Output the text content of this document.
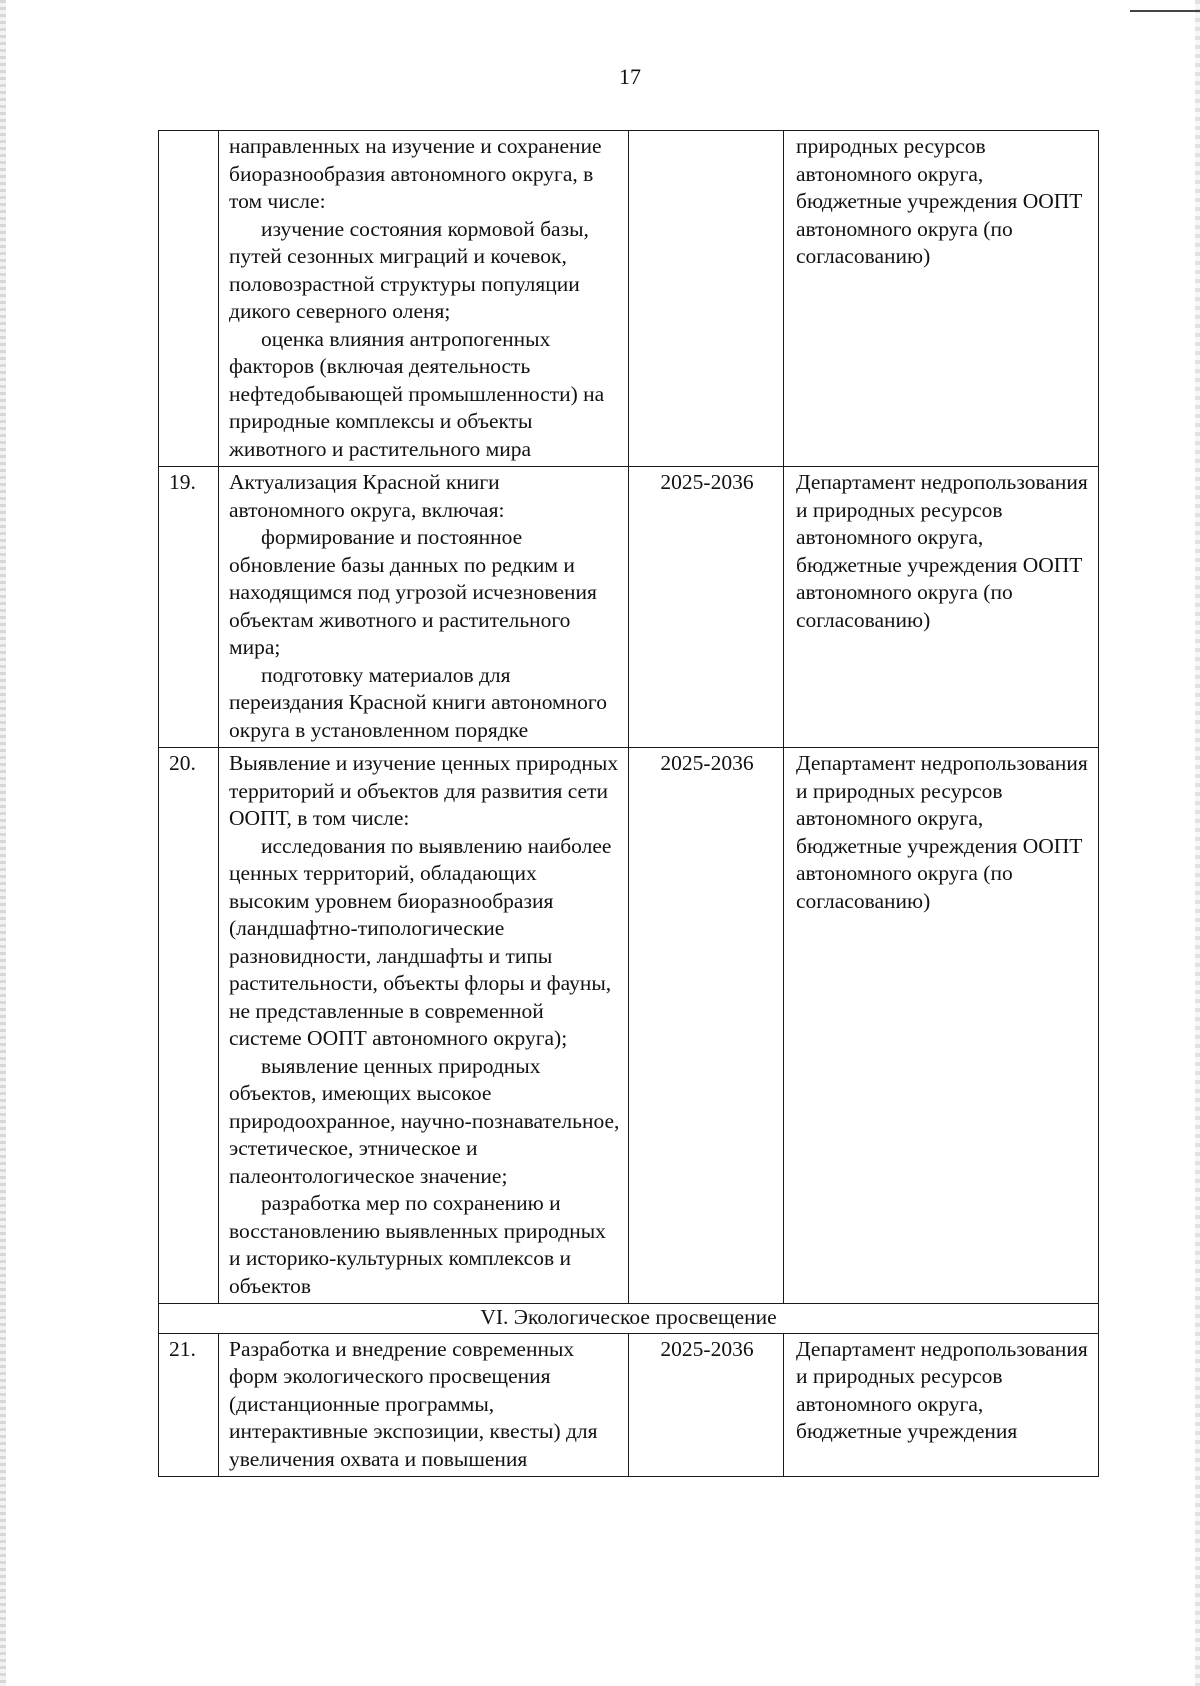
17

	направленных на изучение и сохранение биоразнообразия автономного округа, в том числе:

изучение состояния кормовой базы, путей сезонных миграций и кочевок, половозрастной структуры популяции дикого северного оленя;

оценка влияния антропогенных факторов (включая деятельность нефтедобывающей промышленности) на природные комплексы и объекты животного и растительного мира		природных ресурсов автономного округа, бюджетные учреждения ООПТ автономного округа (по согласованию)
19.	Актуализация Красной книги автономного округа, включая:

формирование и постоянное обновление базы данных по редким и находящимся под угрозой исчезновения объектам животного и растительного мира;

подготовку материалов для переиздания Красной книги автономного округа в установленном порядке	2025-2036	Департамент недропользования и природных ресурсов автономного округа, бюджетные учреждения ООПТ автономного округа (по согласованию)
20.	Выявление и изучение ценных природных территорий и объектов для развития сети ООПТ, в том числе:

исследования по выявлению наиболее ценных территорий, обладающих высоким уровнем биоразнообразия (ландшафтно-типологические разновидности, ландшафты и типы растительности, объекты флоры и фауны, не представленные в современной системе ООПТ автономного округа);

выявление ценных природных объектов, имеющих высокое природоохранное, научно-познавательное, эстетическое, этническое и палеонтологическое значение;

разработка мер по сохранению и восстановлению выявленных природных и историко-культурных комплексов и объектов	2025-2036	Департамент недропользования и природных ресурсов автономного округа, бюджетные учреждения ООПТ автономного округа (по согласованию)
VI. Экологическое просвещение			
21.	Разработка и внедрение современных форм экологического просвещения (дистанционные программы, интерактивные экспозиции, квесты) для увеличения охвата и повышения	2025-2036	Департамент недропользования и природных ресурсов автономного округа, бюджетные учреждения
